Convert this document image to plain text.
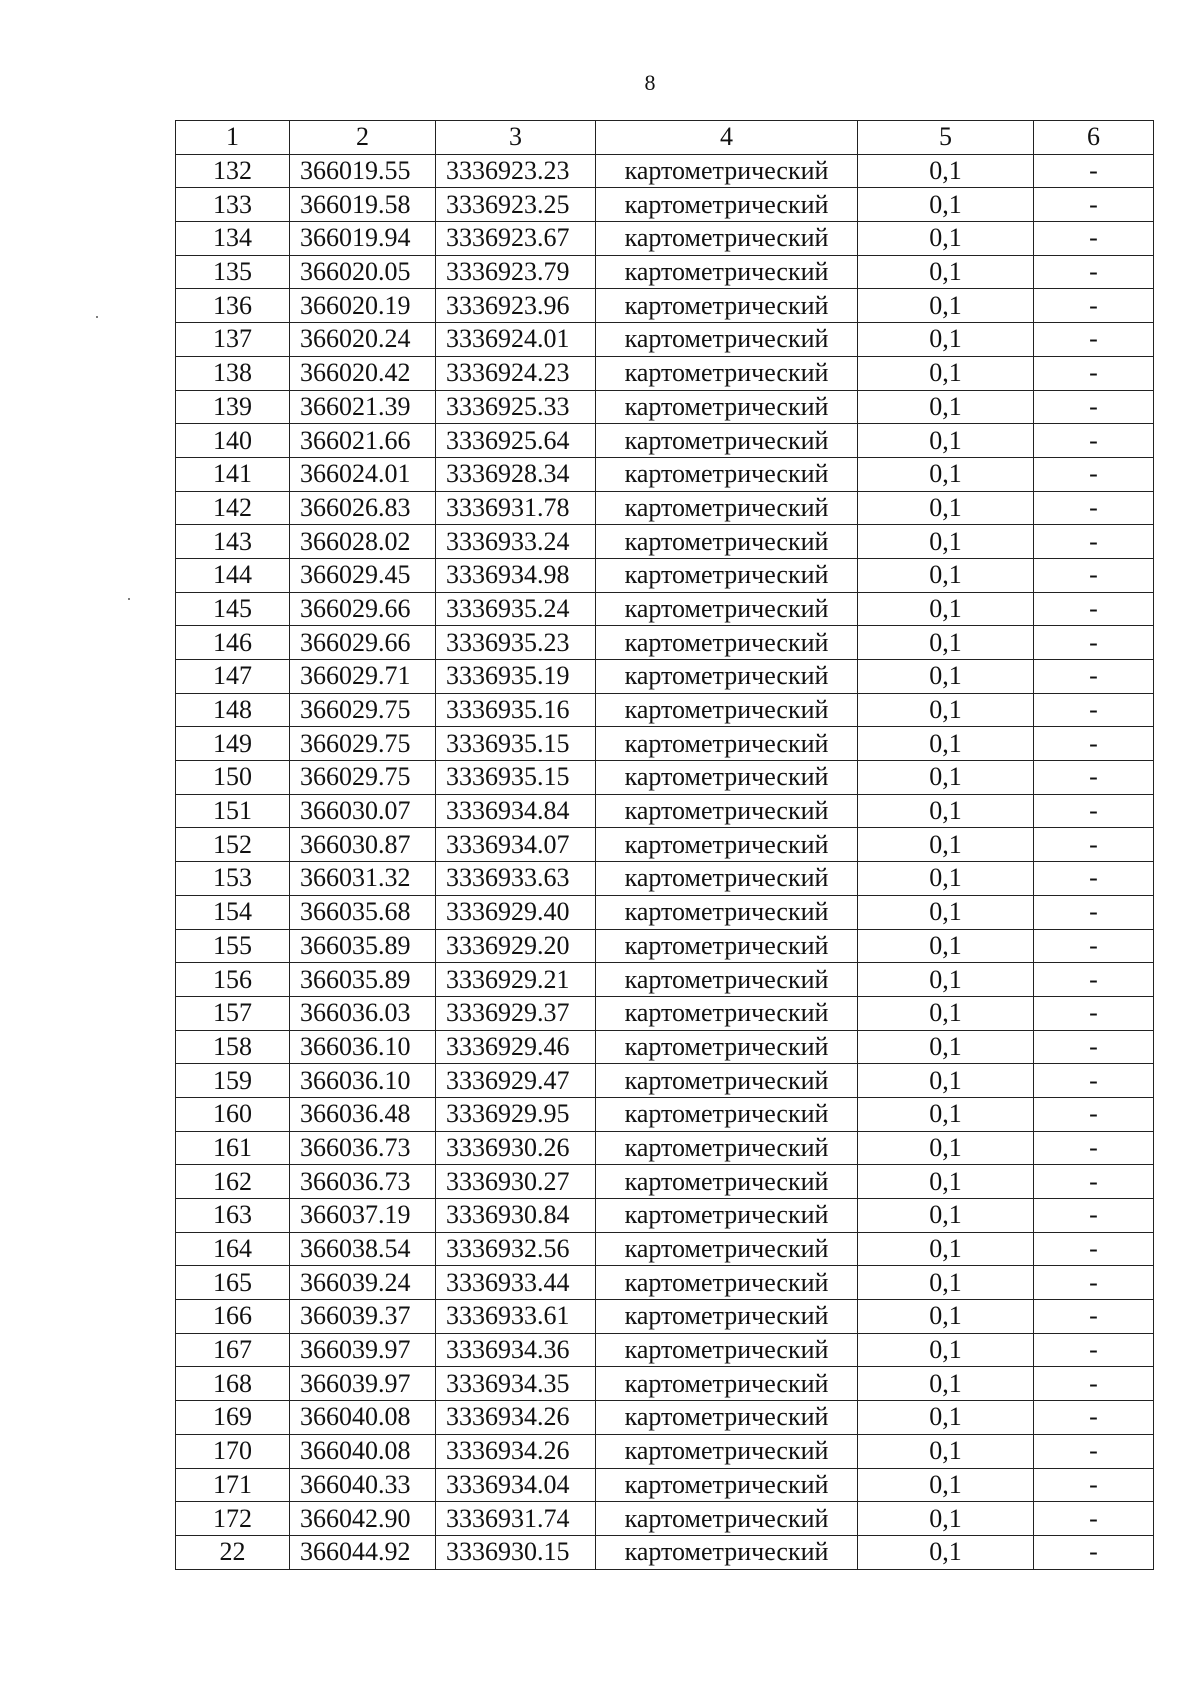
8
1	2	3	4	5	6
132	366019.55	3336923.23	картометрический	0,1	-
133	366019.58	3336923.25	картометрический	0,1	-
134	366019.94	3336923.67	картометрический	0,1	-
135	366020.05	3336923.79	картометрический	0,1	-
136	366020.19	3336923.96	картометрический	0,1	-
137	366020.24	3336924.01	картометрический	0,1	-
138	366020.42	3336924.23	картометрический	0,1	-
139	366021.39	3336925.33	картометрический	0,1	-
140	366021.66	3336925.64	картометрический	0,1	-
141	366024.01	3336928.34	картометрический	0,1	-
142	366026.83	3336931.78	картометрический	0,1	-
143	366028.02	3336933.24	картометрический	0,1	-
144	366029.45	3336934.98	картометрический	0,1	-
145	366029.66	3336935.24	картометрический	0,1	-
146	366029.66	3336935.23	картометрический	0,1	-
147	366029.71	3336935.19	картометрический	0,1	-
148	366029.75	3336935.16	картометрический	0,1	-
149	366029.75	3336935.15	картометрический	0,1	-
150	366029.75	3336935.15	картометрический	0,1	-
151	366030.07	3336934.84	картометрический	0,1	-
152	366030.87	3336934.07	картометрический	0,1	-
153	366031.32	3336933.63	картометрический	0,1	-
154	366035.68	3336929.40	картометрический	0,1	-
155	366035.89	3336929.20	картометрический	0,1	-
156	366035.89	3336929.21	картометрический	0,1	-
157	366036.03	3336929.37	картометрический	0,1	-
158	366036.10	3336929.46	картометрический	0,1	-
159	366036.10	3336929.47	картометрический	0,1	-
160	366036.48	3336929.95	картометрический	0,1	-
161	366036.73	3336930.26	картометрический	0,1	-
162	366036.73	3336930.27	картометрический	0,1	-
163	366037.19	3336930.84	картометрический	0,1	-
164	366038.54	3336932.56	картометрический	0,1	-
165	366039.24	3336933.44	картометрический	0,1	-
166	366039.37	3336933.61	картометрический	0,1	-
167	366039.97	3336934.36	картометрический	0,1	-
168	366039.97	3336934.35	картометрический	0,1	-
169	366040.08	3336934.26	картометрический	0,1	-
170	366040.08	3336934.26	картометрический	0,1	-
171	366040.33	3336934.04	картометрический	0,1	-
172	366042.90	3336931.74	картометрический	0,1	-
22	366044.92	3336930.15	картометрический	0,1	-
